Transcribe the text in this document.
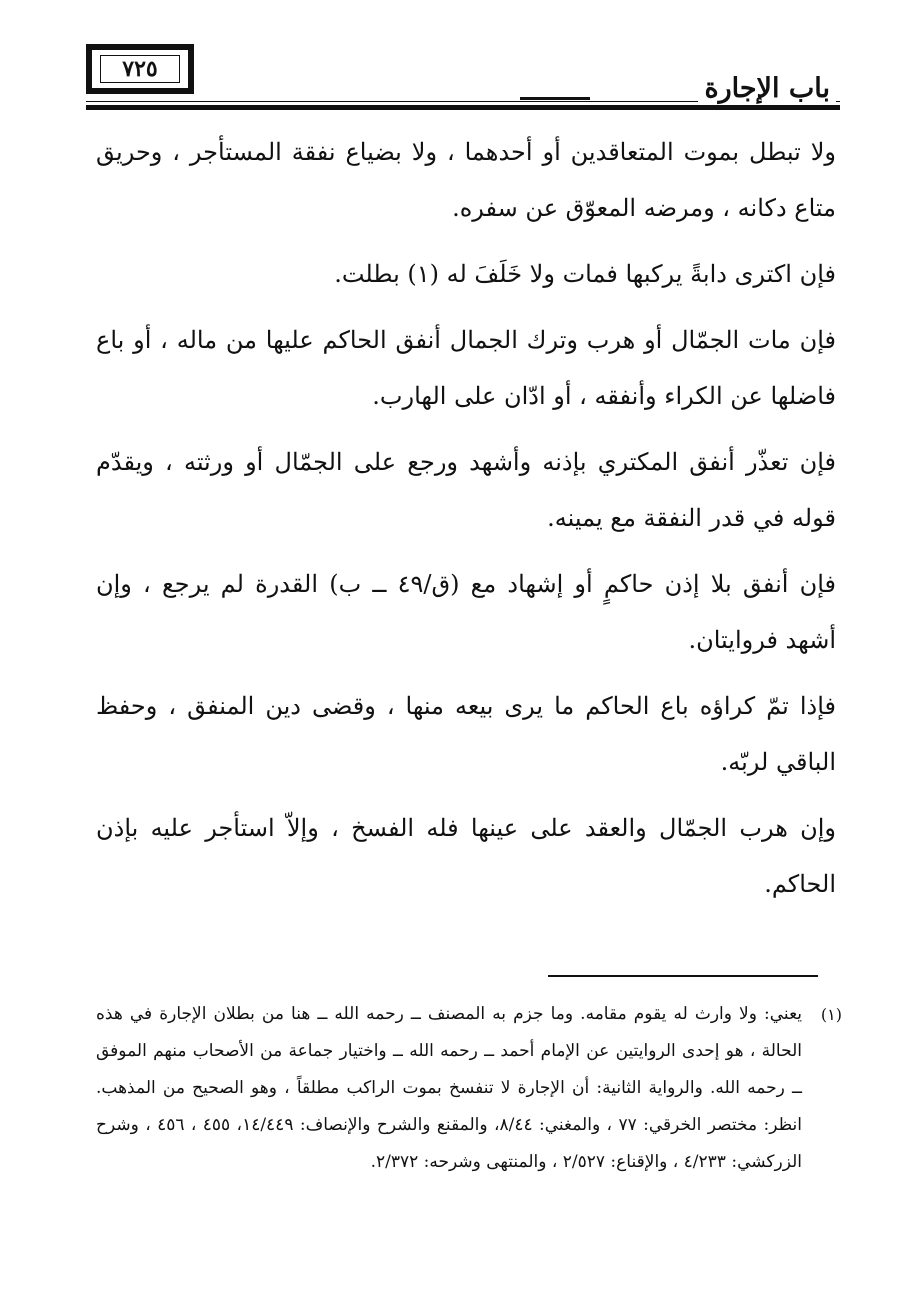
٧٢٥
باب الإجارة

ولا تبطل بموت المتعاقدين أو أحدهما ، ولا بضياع نفقة المستأجر ، وحريق متاع دكانه ، ومرضه المعوّق عن سفره.

فإن اكترى دابةً يركبها فمات ولا خَلَفَ له (١) بطلت.

فإن مات الجمّال أو هرب وترك الجمال أنفق الحاكم عليها من ماله ، أو باع فاضلها عن الكراء وأنفقه ، أو ادّان على الهارب.

فإن تعذّر أنفق المكتري بإذنه وأشهد ورجع على الجمّال أو ورثته ، ويقدّم قوله في قدر النفقة مع يمينه.

فإن أنفق بلا إذن حاكمٍ أو إشهاد مع (ق/٤٩ ــ ب) القدرة لم يرجع ، وإن أشهد فروايتان.

فإذا تمّ كراؤه باع الحاكم ما يرى بيعه منها ، وقضى دين المنفق ، وحفظ الباقي لربّه.

وإن هرب الجمّال والعقد على عينها فله الفسخ ، وإلاّ استأجر عليه بإذن الحاكم.

(١)
يعني: ولا وارث له يقوم مقامه. وما جزم به المصنف ــ رحمه الله ــ هنا من بطلان الإجارة في هذه الحالة ، هو إحدى الروايتين عن الإمام أحمد ــ رحمه الله ــ واختيار جماعة من الأصحاب منهم الموفق ــ رحمه الله. والرواية الثانية: أن الإجارة لا تنفسخ بموت الراكب مطلقاً ، وهو الصحيح من المذهب. انظر: مختصر الخرقي: ٧٧ ، والمغني: ٨/٤٤، والمقنع والشرح والإنصاف: ١٤/٤٤٩، ٤٥٥ ، ٤٥٦ ، وشرح الزركشي: ٤/٢٣٣ ، والإقناع: ٢/٥٢٧ ، والمنتهى وشرحه: ٢/٣٧٢.
